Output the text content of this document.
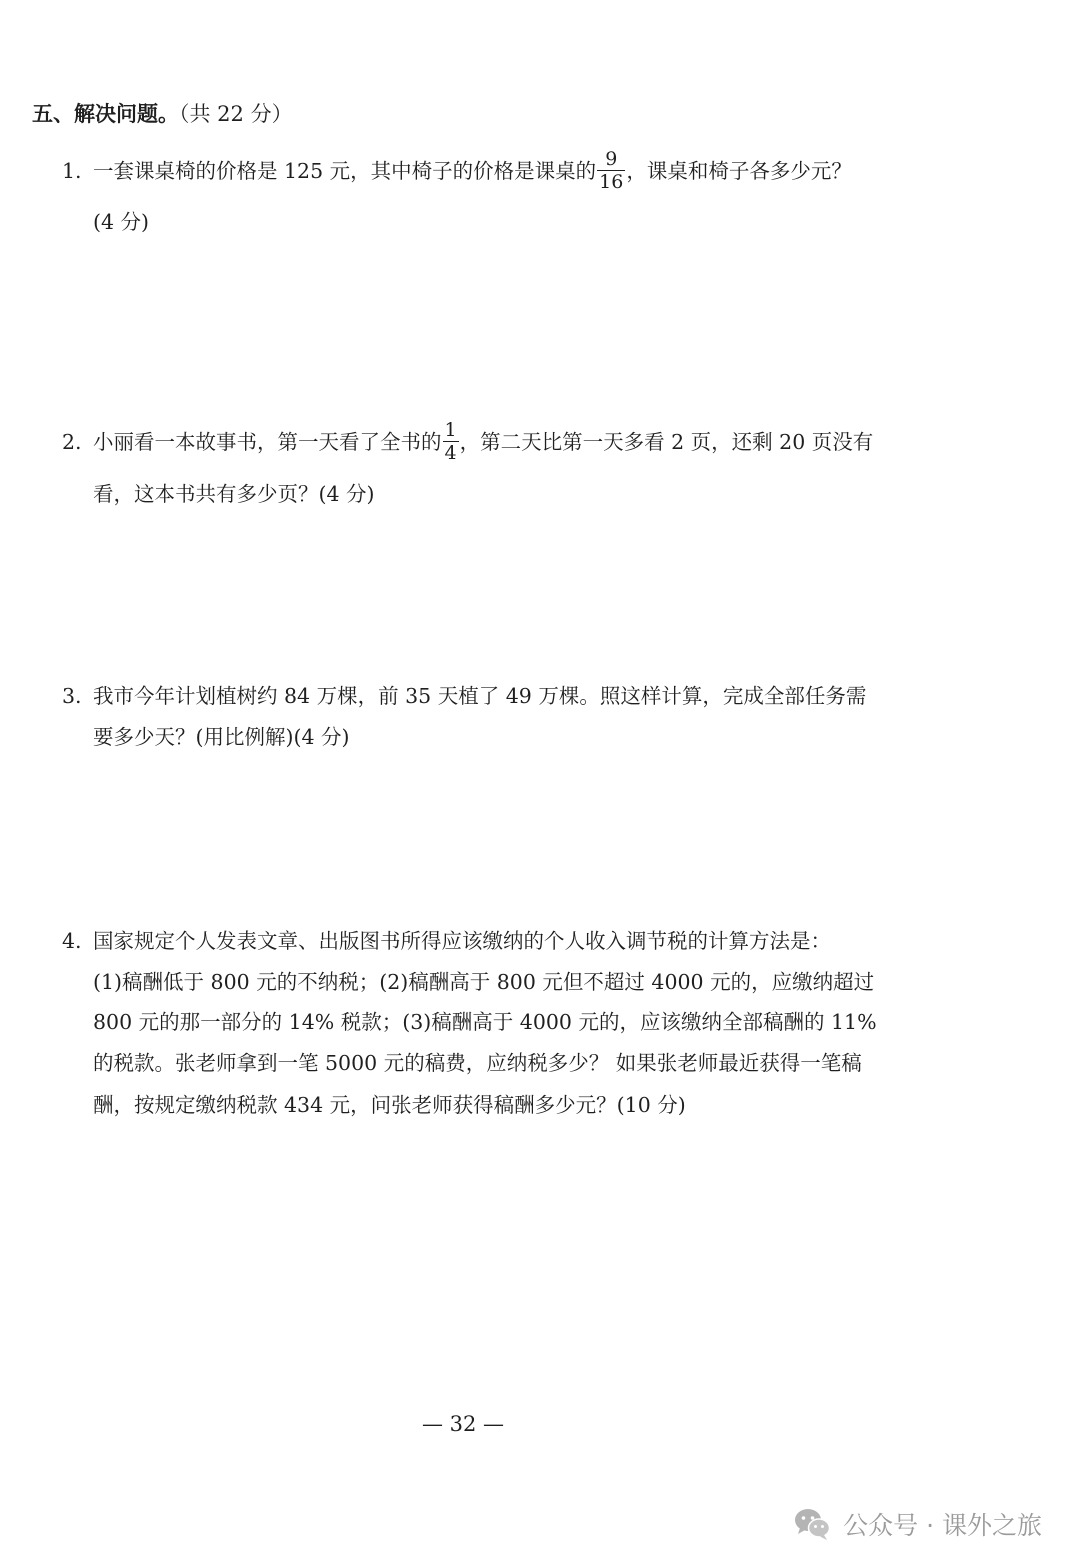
五、解决问题。（共 22 分）
1. 一套课桌椅的价格是 125 元，其中椅子的价格是课桌的 $\frac{9}{16}$ ，课桌和椅子各多少元？
(4 分)
2. 小丽看一本故事书，第一天看了全书的 $\frac{1}{4}$ ，第二天比第一天多看 2 页，还剩 20 页没有
看，这本书共有多少页？(4 分)
3. 我市今年计划植树约 84 万棵，前 35 天植了 49 万棵。照这样计算，完成全部任务需
要多少天？(用比例解)(4 分)
4. 国家规定个人发表文章、出版图书所得应该缴纳的个人收入调节税的计算方法是：
(1)稿酬低于 800 元的不纳税；(2)稿酬高于 800 元但不超过 4000 元的，应缴纳超过
800 元的那一部分的 14% 税款；(3)稿酬高于 4000 元的，应该缴纳全部稿酬的 11%
的税款。张老师拿到一笔 5000 元的稿费，应纳税多少？ 如果张老师最近获得一笔稿
酬，按规定缴纳税款 434 元，问张老师获得稿酬多少元？(10 分)
— 32 —
公众号 · 课外之旅
